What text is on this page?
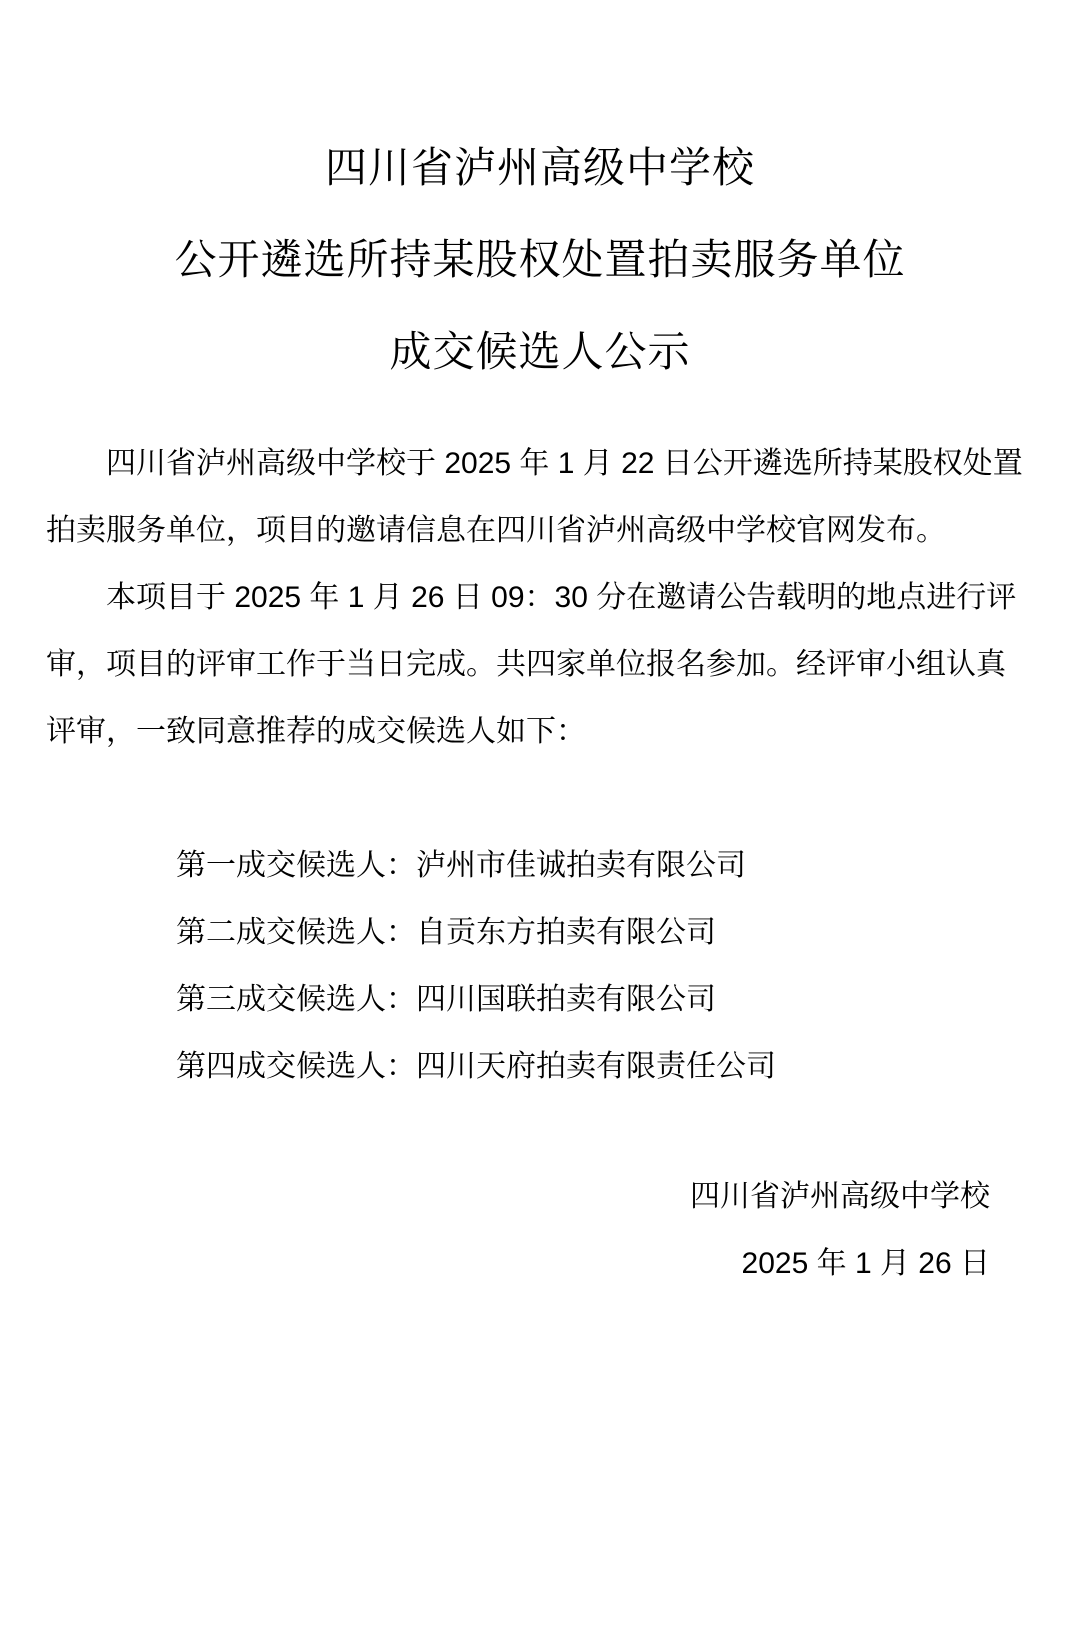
四川省泸州高级中学校
公开遴选所持某股权处置拍卖服务单位
成交候选人公示

四川省泸州高级中学校于 2025 年 1 月 22 日公开遴选所持某股权处置拍卖服务单位，项目的邀请信息在四川省泸州高级中学校官网发布。

本项目于 2025 年 1 月 26 日 09：30 分在邀请公告载明的地点进行评审，项目的评审工作于当日完成。共四家单位报名参加。经评审小组认真评审，一致同意推荐的成交候选人如下：

第一成交候选人：泸州市佳诚拍卖有限公司
第二成交候选人：自贡东方拍卖有限公司
第三成交候选人：四川国联拍卖有限公司
第四成交候选人：四川天府拍卖有限责任公司
四川省泸州高级中学校
2025 年 1 月 26 日
